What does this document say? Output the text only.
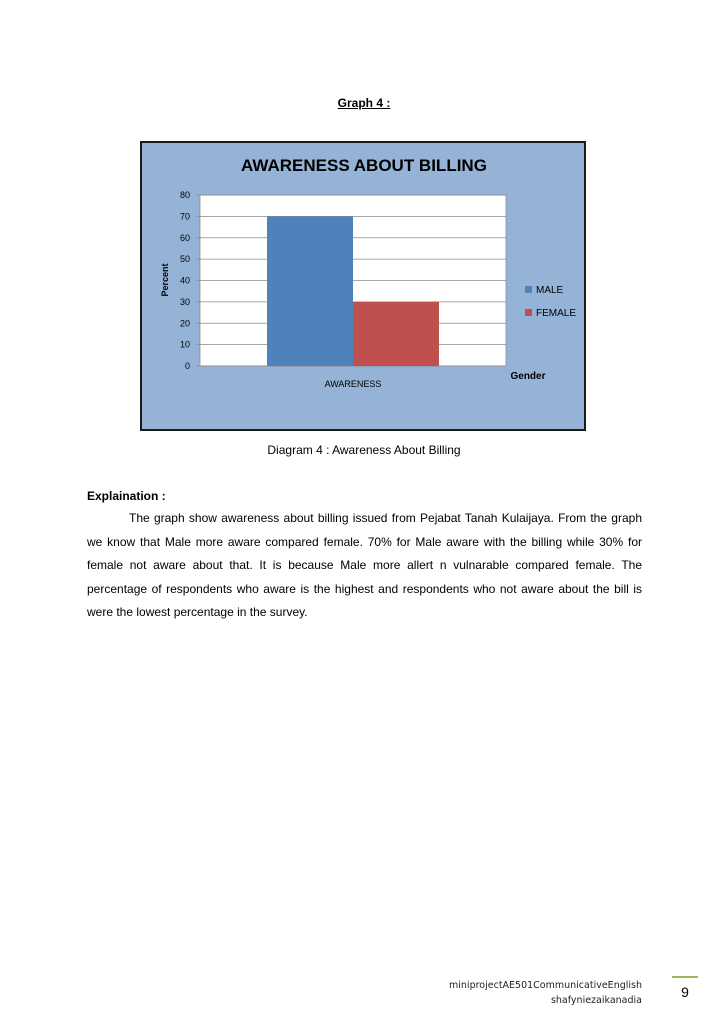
Graph 4 :
AWARENESS ABOUT BILLING
0
10
20
30
40
50
60
70
80
AWARENESS
Gender
Percent	MALE
FEMALE
Diagram 4 : Awareness About Billing
Explaination :
The graph show awareness about billing issued from Pejabat Tanah Kulaijaya. From the graph we know that Male more aware compared female. 70% for Male aware with the billing while 30% for female not aware about that. It is because Male more allert n vulnarable compared female. The percentage of respondents who aware is the highest and respondents who not aware about the bill is were the lowest percentage in the survey.
miniprojectAE501CommunicativeEnglish
shafyniezaikanadia
9
